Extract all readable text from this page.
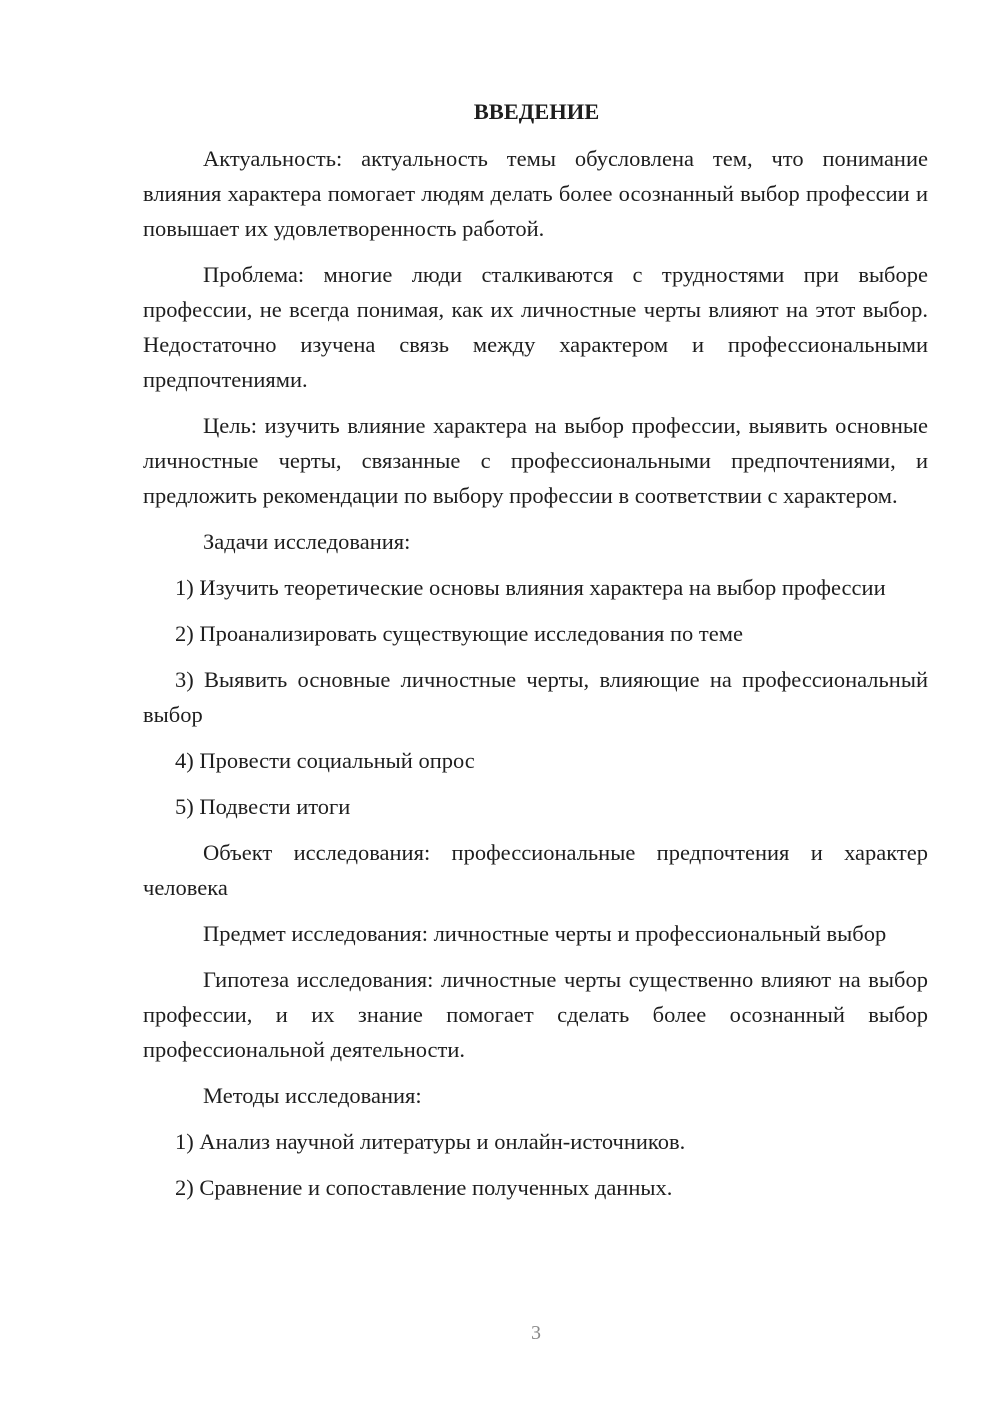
ВВЕДЕНИЕ

Актуальность: актуальность темы обусловлена тем, что понимание влияния характера помогает людям делать более осознанный выбор профессии и повышает их удовлетворенность работой.

Проблема: многие люди сталкиваются с трудностями при выборе профессии, не всегда понимая, как их личностные черты влияют на этот выбор. Недостаточно изучена связь между характером и профессиональными предпочтениями.

Цель: изучить влияние характера на выбор профессии, выявить основные личностные черты, связанные с профессиональными предпочтениями, и предложить рекомендации по выбору профессии в соответствии с характером.

Задачи исследования:

1) Изучить теоретические основы влияния характера на выбор профессии

2) Проанализировать существующие исследования по теме

3) Выявить основные личностные черты, влияющие на профессиональный выбор

4) Провести социальный опрос

5) Подвести итоги

Объект исследования: профессиональные предпочтения и характер человека

Предмет исследования: личностные черты и профессиональный выбор

Гипотеза исследования: личностные черты существенно влияют на выбор профессии, и их знание помогает сделать более осознанный выбор профессиональной деятельности.

Методы исследования:

1) Анализ научной литературы и онлайн-источников.

2) Сравнение и сопоставление полученных данных.

3
